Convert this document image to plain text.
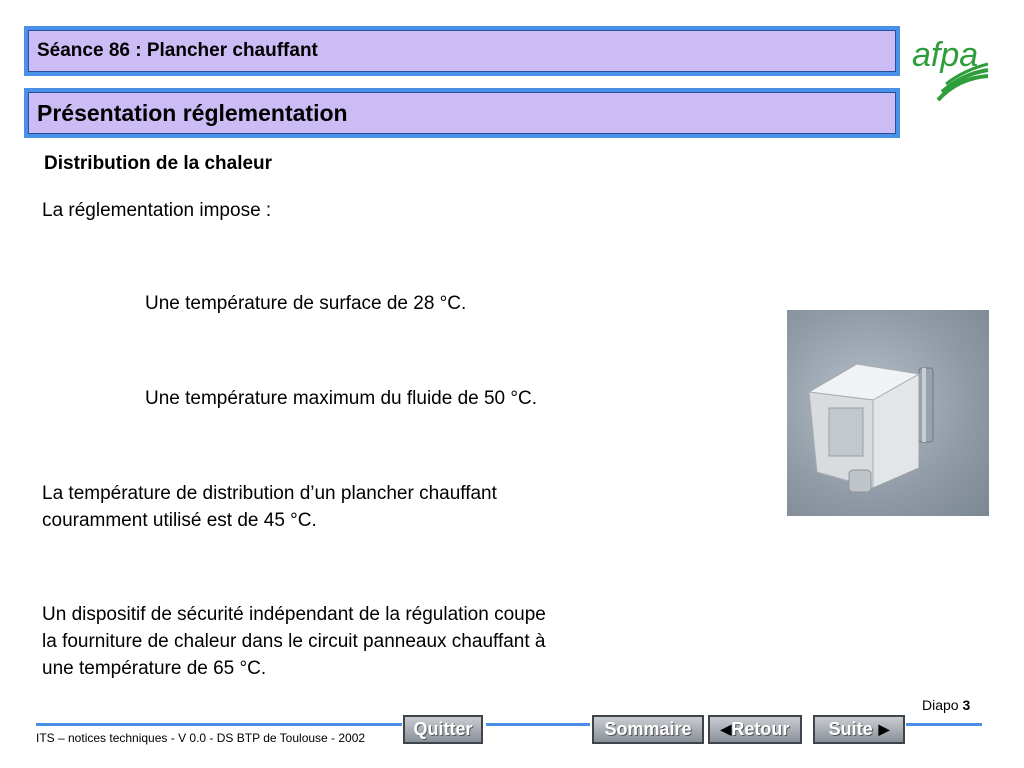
Séance 86 : Plancher chauffant
Présentation réglementation
afpa
Distribution de la chaleur
La réglementation impose :
Une température de surface de 28 °C.
Une température maximum du fluide de 50 °C.
La température de distribution d’un plancher chauffant
couramment utilisé est de 45 °C.
Un dispositif de sécurité indépendant de la régulation coupe
la fourniture de chaleur dans le circuit panneaux chauffant à
une température de 65 °C.
Diapo 3
ITS – notices techniques - V 0.0 - DS BTP de Toulouse - 2002	Quitter	Sommaire ◀ Retour Suite ▶
